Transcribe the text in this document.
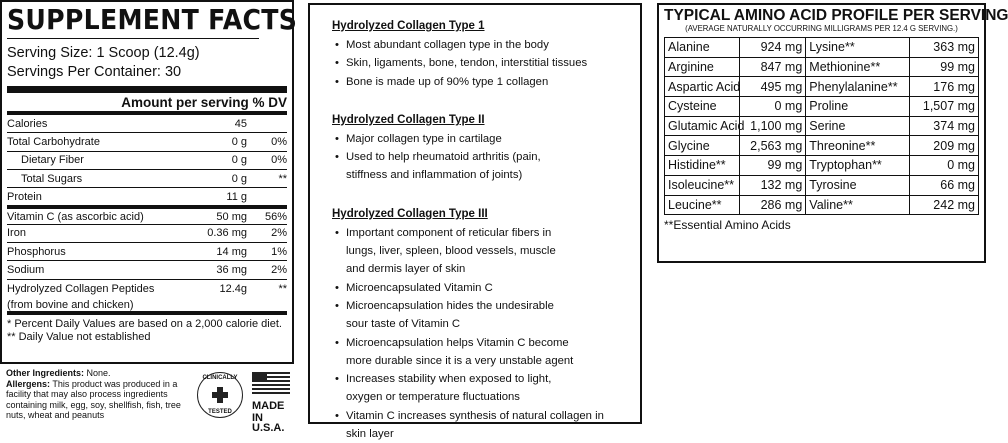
SUPPLEMENT FACTS
Serving Size: 1 Scoop (12.4g)
Servings Per Container: 30
Amount per serving % DV
Calories	45
Total Carbohydrate	0 g	0%
Dietary Fiber	0 g	0%
Total Sugars	0 g	**
Protein	11 g
Vitamin C (as ascorbic acid)	50 mg	56%
Iron	0.36 mg	2%
Phosphorus	14 mg	1%
Sodium	36 mg	2%
Hydrolyzed Collagen Peptides	12.4g	**
(from bovine and chicken)
* Percent Daily Values are based on a 2,000 calorie diet.
** Daily Value not established
Other Ingredients: None.
Allergens: This product was produced in a facility that may also process ingredients containing milk, egg, soy, shellfish, fish, tree nuts, wheat and peanuts
CLINICALLY
TESTED	MADE
IN U.S.A.
Hydrolyzed Collagen Type 1
• Most abundant collagen type in the body
• Skin, ligaments, bone, tendon, interstitial tissues
• Bone is made up of 90% type 1 collagen
Hydrolyzed Collagen Type II
• Major collagen type in cartilage
• Used to help rheumatoid arthritis (pain, stiffness and inflammation of joints)
Hydrolyzed Collagen Type III
• Important component of reticular fibers in lungs, liver, spleen, blood vessels, muscle and dermis layer of skin
• Microencapsulated Vitamin C
• Microencapsulation hides the undesirable sour taste of Vitamin C
• Microencapsulation helps Vitamin C become more durable since it is a very unstable agent
• Increases stability when exposed to light, oxygen or temperature fluctuations
• Vitamin C increases synthesis of natural collagen in skin layer
TYPICAL AMINO ACID PROFILE PER SERVING
(AVERAGE NATURALLY OCCURRING MILLIGRAMS PER 12.4 G SERVING.)
Alanine	924 mg	Lysine**	363 mg
Arginine	847 mg	Methionine**	99 mg
Aspartic Acid	495 mg	Phenylalanine**	176 mg
Cysteine	0 mg	Proline	1,507 mg
Glutamic Acid	1,100 mg	Serine	374 mg
Glycine	2,563 mg	Threonine**	209 mg
Histidine**	99 mg	Tryptophan**	0 mg
Isoleucine**	132 mg	Tyrosine	66 mg
Leucine**	286 mg	Valine**	242 mg
**Essential Amino Acids
